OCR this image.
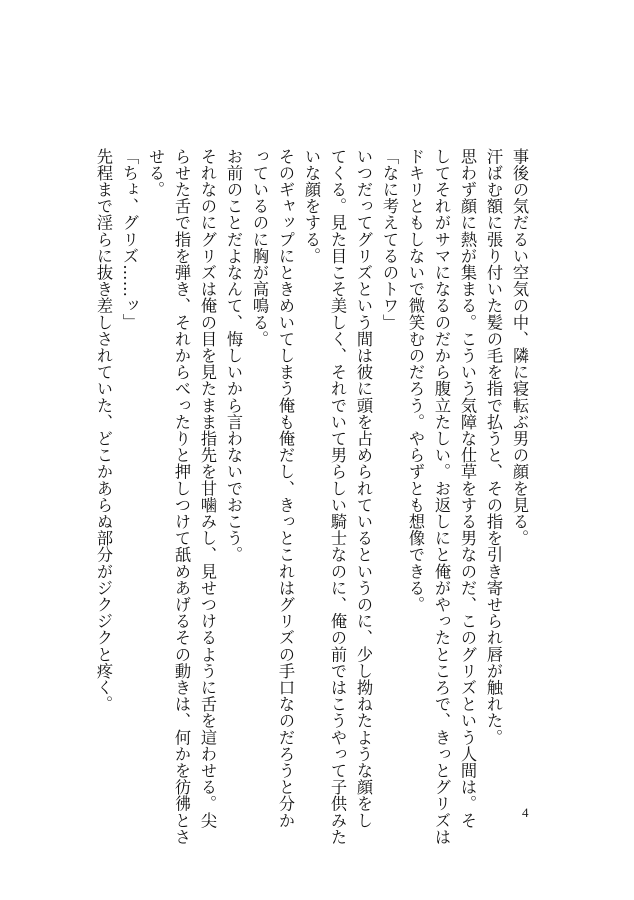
事後の気だるい空気の中、隣に寝転ぶ男の顔を見る。
汗ばむ額に張り付いた髪の毛を指で払うと、その指を引き寄せられ唇が触れた。
思わず顔に熱が集まる。こういう気障な仕草をする男なのだ、このグリズという人間は。そ
してそれがサマになるのだから腹立たしい。お返しにと俺がやったところで、きっとグリズは
ドキリともしないで微笑むのだろう。やらずとも想像できる。
「なに考えてるのトワ」
いつだってグリズという間は彼に頭を占められているというのに、少し拗ねたような顔をし
てくる。見た目こそ美しく、それでいて男らしい騎士なのに、俺の前ではこうやって子供みた
いな顔をする。
そのギャップにときめいてしまう俺も俺だし、きっとこれはグリズの手口なのだろうと分か
っているのに胸が高鳴る。
お前のことだよなんて、悔しいから言わないでおこう。
それなのにグリズは俺の目を見たまま指先を甘噛みし、見せつけるように舌を這わせる。尖
らせた舌で指を弾き、それからべったりと押しつけて舐めあげるその動きは、何かを彷彿とさ
せる。
「ちょ、グリズ……ッ」
先程まで淫らに抜き差しされていた、どこかあらぬ部分がジクジクと疼く。
4
